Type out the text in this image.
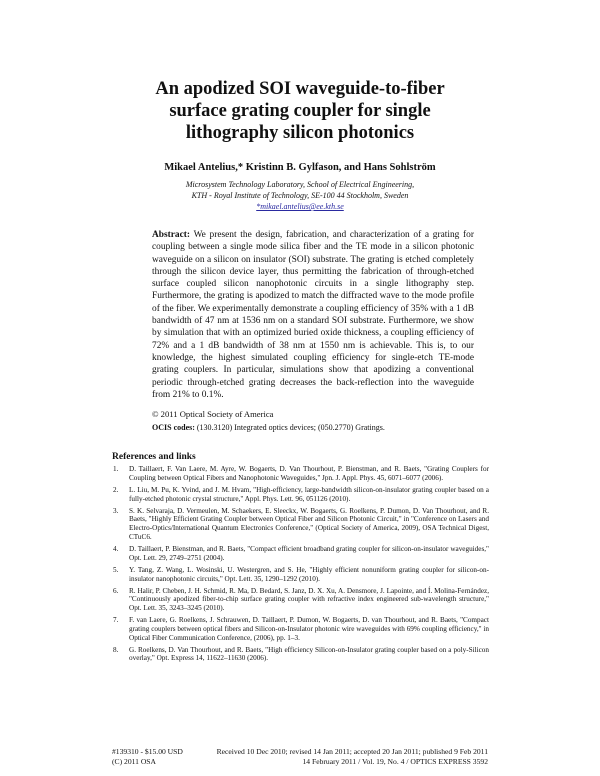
An apodized SOI waveguide-to-fiber
surface grating coupler for single
lithography silicon photonics
Mikael Antelius,* Kristinn B. Gylfason, and Hans Sohlström
Microsystem Technology Laboratory, School of Electrical Engineering,
KTH - Royal Institute of Technology, SE-100 44 Stockholm, Sweden
*mikael.antelius@ee.kth.se

Abstract: We present the design, fabrication, and characterization of a grating for coupling between a single mode silica fiber and the TE mode in a silicon photonic waveguide on a silicon on insulator (SOI) substrate. The grating is etched completely through the silicon device layer, thus permitting the fabrication of through-etched surface coupled silicon nanophotonic circuits in a single lithography step. Furthermore, the grating is apodized to match the diffracted wave to the mode profile of the fiber. We experimentally demonstrate a coupling efficiency of 35% with a 1 dB bandwidth of 47 nm at 1536 nm on a standard SOI substrate. Furthermore, we show by simulation that with an optimized buried oxide thickness, a coupling efficiency of 72% and a 1 dB bandwidth of 38 nm at 1550 nm is achievable. This is, to our knowledge, the highest simulated coupling efficiency for single-etch TE-mode grating couplers. In particular, simulations show that apodizing a conventional periodic through-etched grating decreases the back-reflection into the waveguide from 21% to 0.1%.

© 2011 Optical Society of America
OCIS codes: (130.3120) Integrated optics devices; (050.2770) Gratings.
References and links
1.	D. Taillaert, F. Van Laere, M. Ayre, W. Bogaerts, D. Van Thourhout, P. Bienstman, and R. Baets, "Grating Couplers for Coupling between Optical Fibers and Nanophotonic Waveguides," Jpn. J. Appl. Phys. 45, 6071–6077 (2006).
2.	L. Liu, M. Pu, K. Yvind, and J. M. Hvam, "High-efficiency, large-bandwidth silicon-on-insulator grating coupler based on a fully-etched photonic crystal structure," Appl. Phys. Lett. 96, 051126 (2010).
3.	S. K. Selvaraja, D. Vermeulen, M. Schaekers, E. Sleeckx, W. Bogaerts, G. Roelkens, P. Dumon, D. Van Thourhout, and R. Baets, "Highly Efficient Grating Coupler between Optical Fiber and Silicon Photonic Circuit," in "Conference on Lasers and Electro-Optics/International Quantum Electronics Conference," (Optical Society of America, 2009), OSA Technical Digest, CTuC6.
4.	D. Taillaert, P. Bienstman, and R. Baets, "Compact efficient broadband grating coupler for silicon-on-insulator waveguides," Opt. Lett. 29, 2749–2751 (2004).
5.	Y. Tang, Z. Wang, L. Wosinski, U. Westergren, and S. He, "Highly efficient nonuniform grating coupler for silicon-on-insulator nanophotonic circuits," Opt. Lett. 35, 1290–1292 (2010).
6.	R. Halir, P. Cheben, J. H. Schmid, R. Ma, D. Bedard, S. Janz, D. X. Xu, A. Densmore, J. Lapointe, and Í. Molina-Fernández, "Continuously apodized fiber-to-chip surface grating coupler with refractive index engineered sub-wavelength structure," Opt. Lett. 35, 3243–3245 (2010).
7.	F. van Laere, G. Roelkens, J. Schrauwen, D. Taillaert, P. Dumon, W. Bogaerts, D. van Thourhout, and R. Baets, "Compact grating couplers between optical fibers and Silicon-on-Insulator photonic wire waveguides with 69% coupling efficiency," in Optical Fiber Communication Conference, (2006), pp. 1–3.
8.	G. Roelkens, D. Van Thourhout, and R. Baets, "High efficiency Silicon-on-Insulator grating coupler based on a poly-Silicon overlay," Opt. Express 14, 11622–11630 (2006).
#139310 - $15.00 USD	Received 10 Dec 2010; revised 14 Jan 2011; accepted 20 Jan 2011; published 9 Feb 2011
(C) 2011 OSA	14 February 2011 / Vol. 19, No. 4 / OPTICS EXPRESS 3592
